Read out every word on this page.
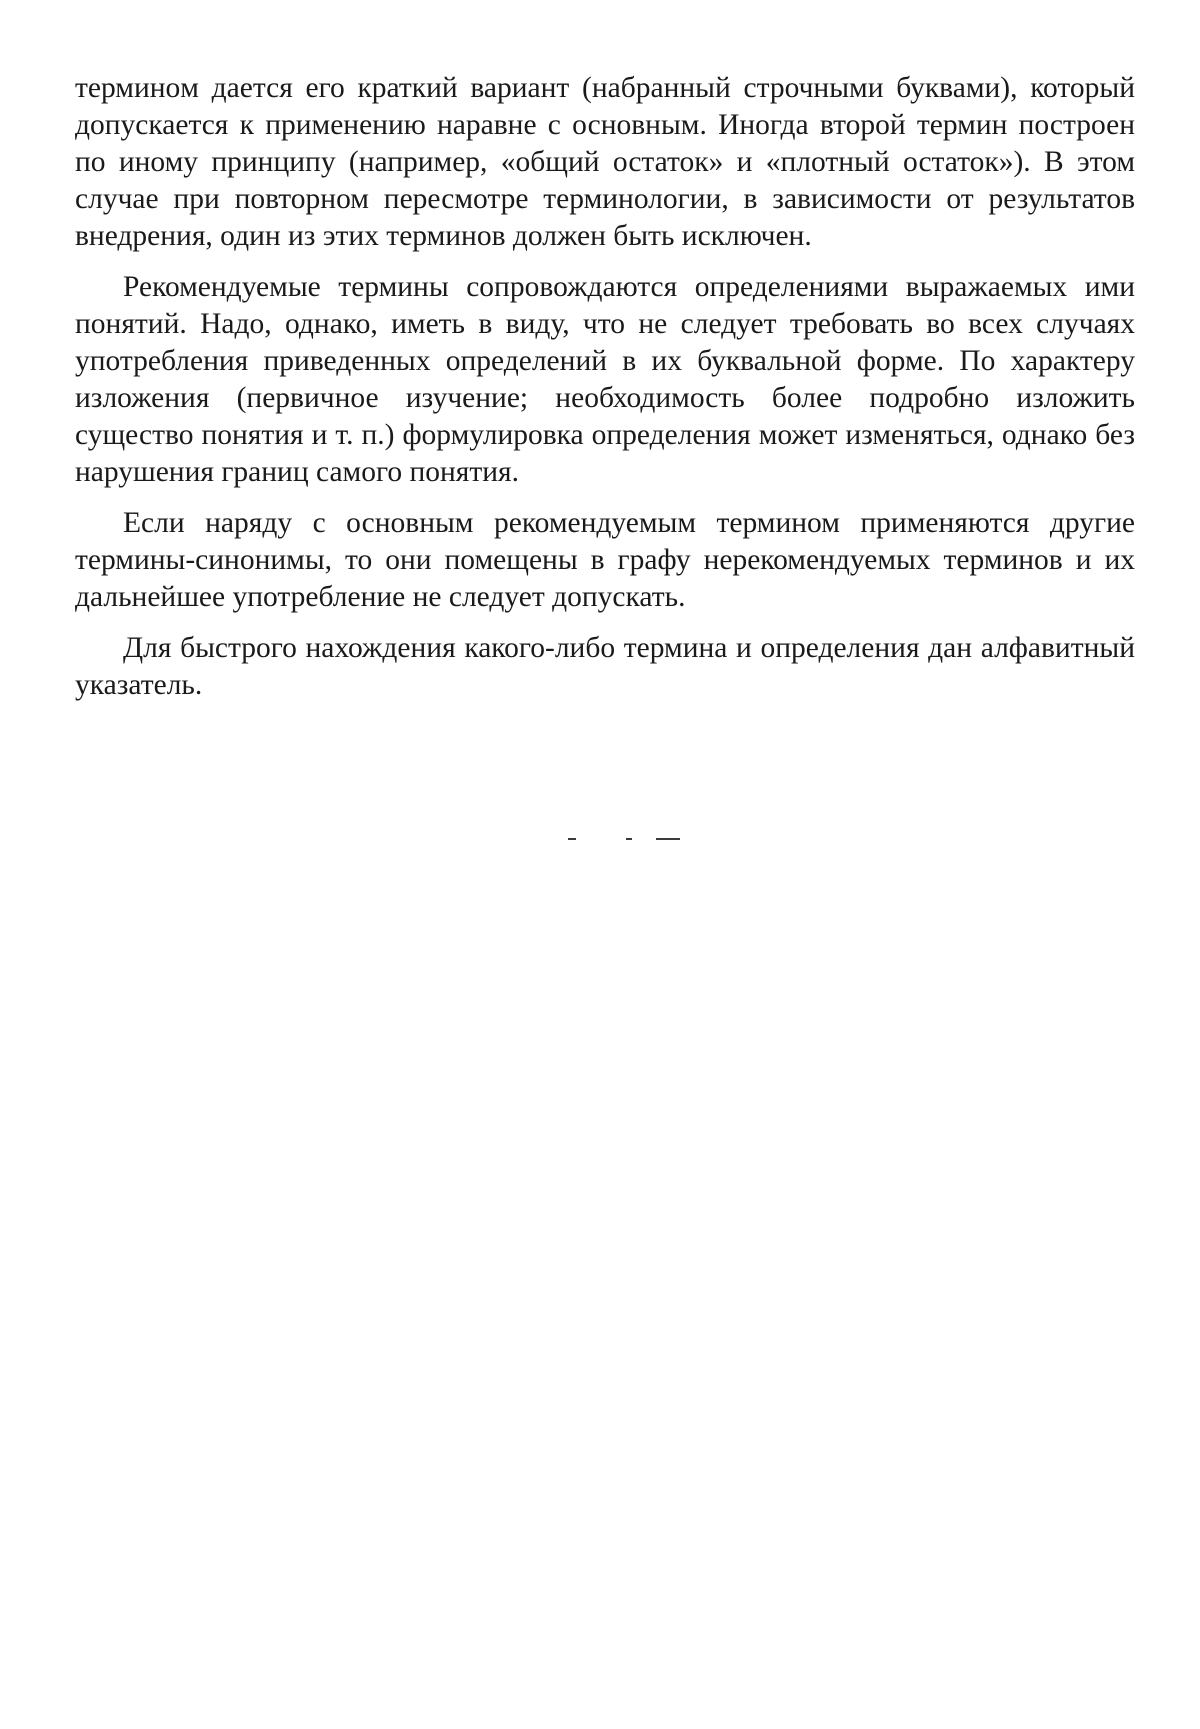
терминoм дается его краткий вариант (набранный строчными буквами), который допускается к применению наравне с основным. Иногда второй термин построен по иному принципу (например, «общий остаток» и «плотный остаток»). В этом случае при повторном пересмотре терминологии, в зависимости от результатов внедрения, один из этих терминов должен быть исключен.

Рекомендуемые термины сопровождаются определениями выражаемых ими понятий. Надо, однако, иметь в виду, что не следует требовать во всех случаях употребления приведенных определений в их буквальной форме. По характеру изложения (первичное изучение; необходимость более подробно изложить существо понятия и т. п.) формулировка определения может изменяться, однако без нарушения границ самого понятия.

Если наряду с основным рекомендуемым термином применяются другие термины-синонимы, то они помещены в графу нерекомендуемых терминов и их дальнейшее употребление не следует допускать.

Для быстрого нахождения какого-либо термина и определения дан алфавитный указатель.
